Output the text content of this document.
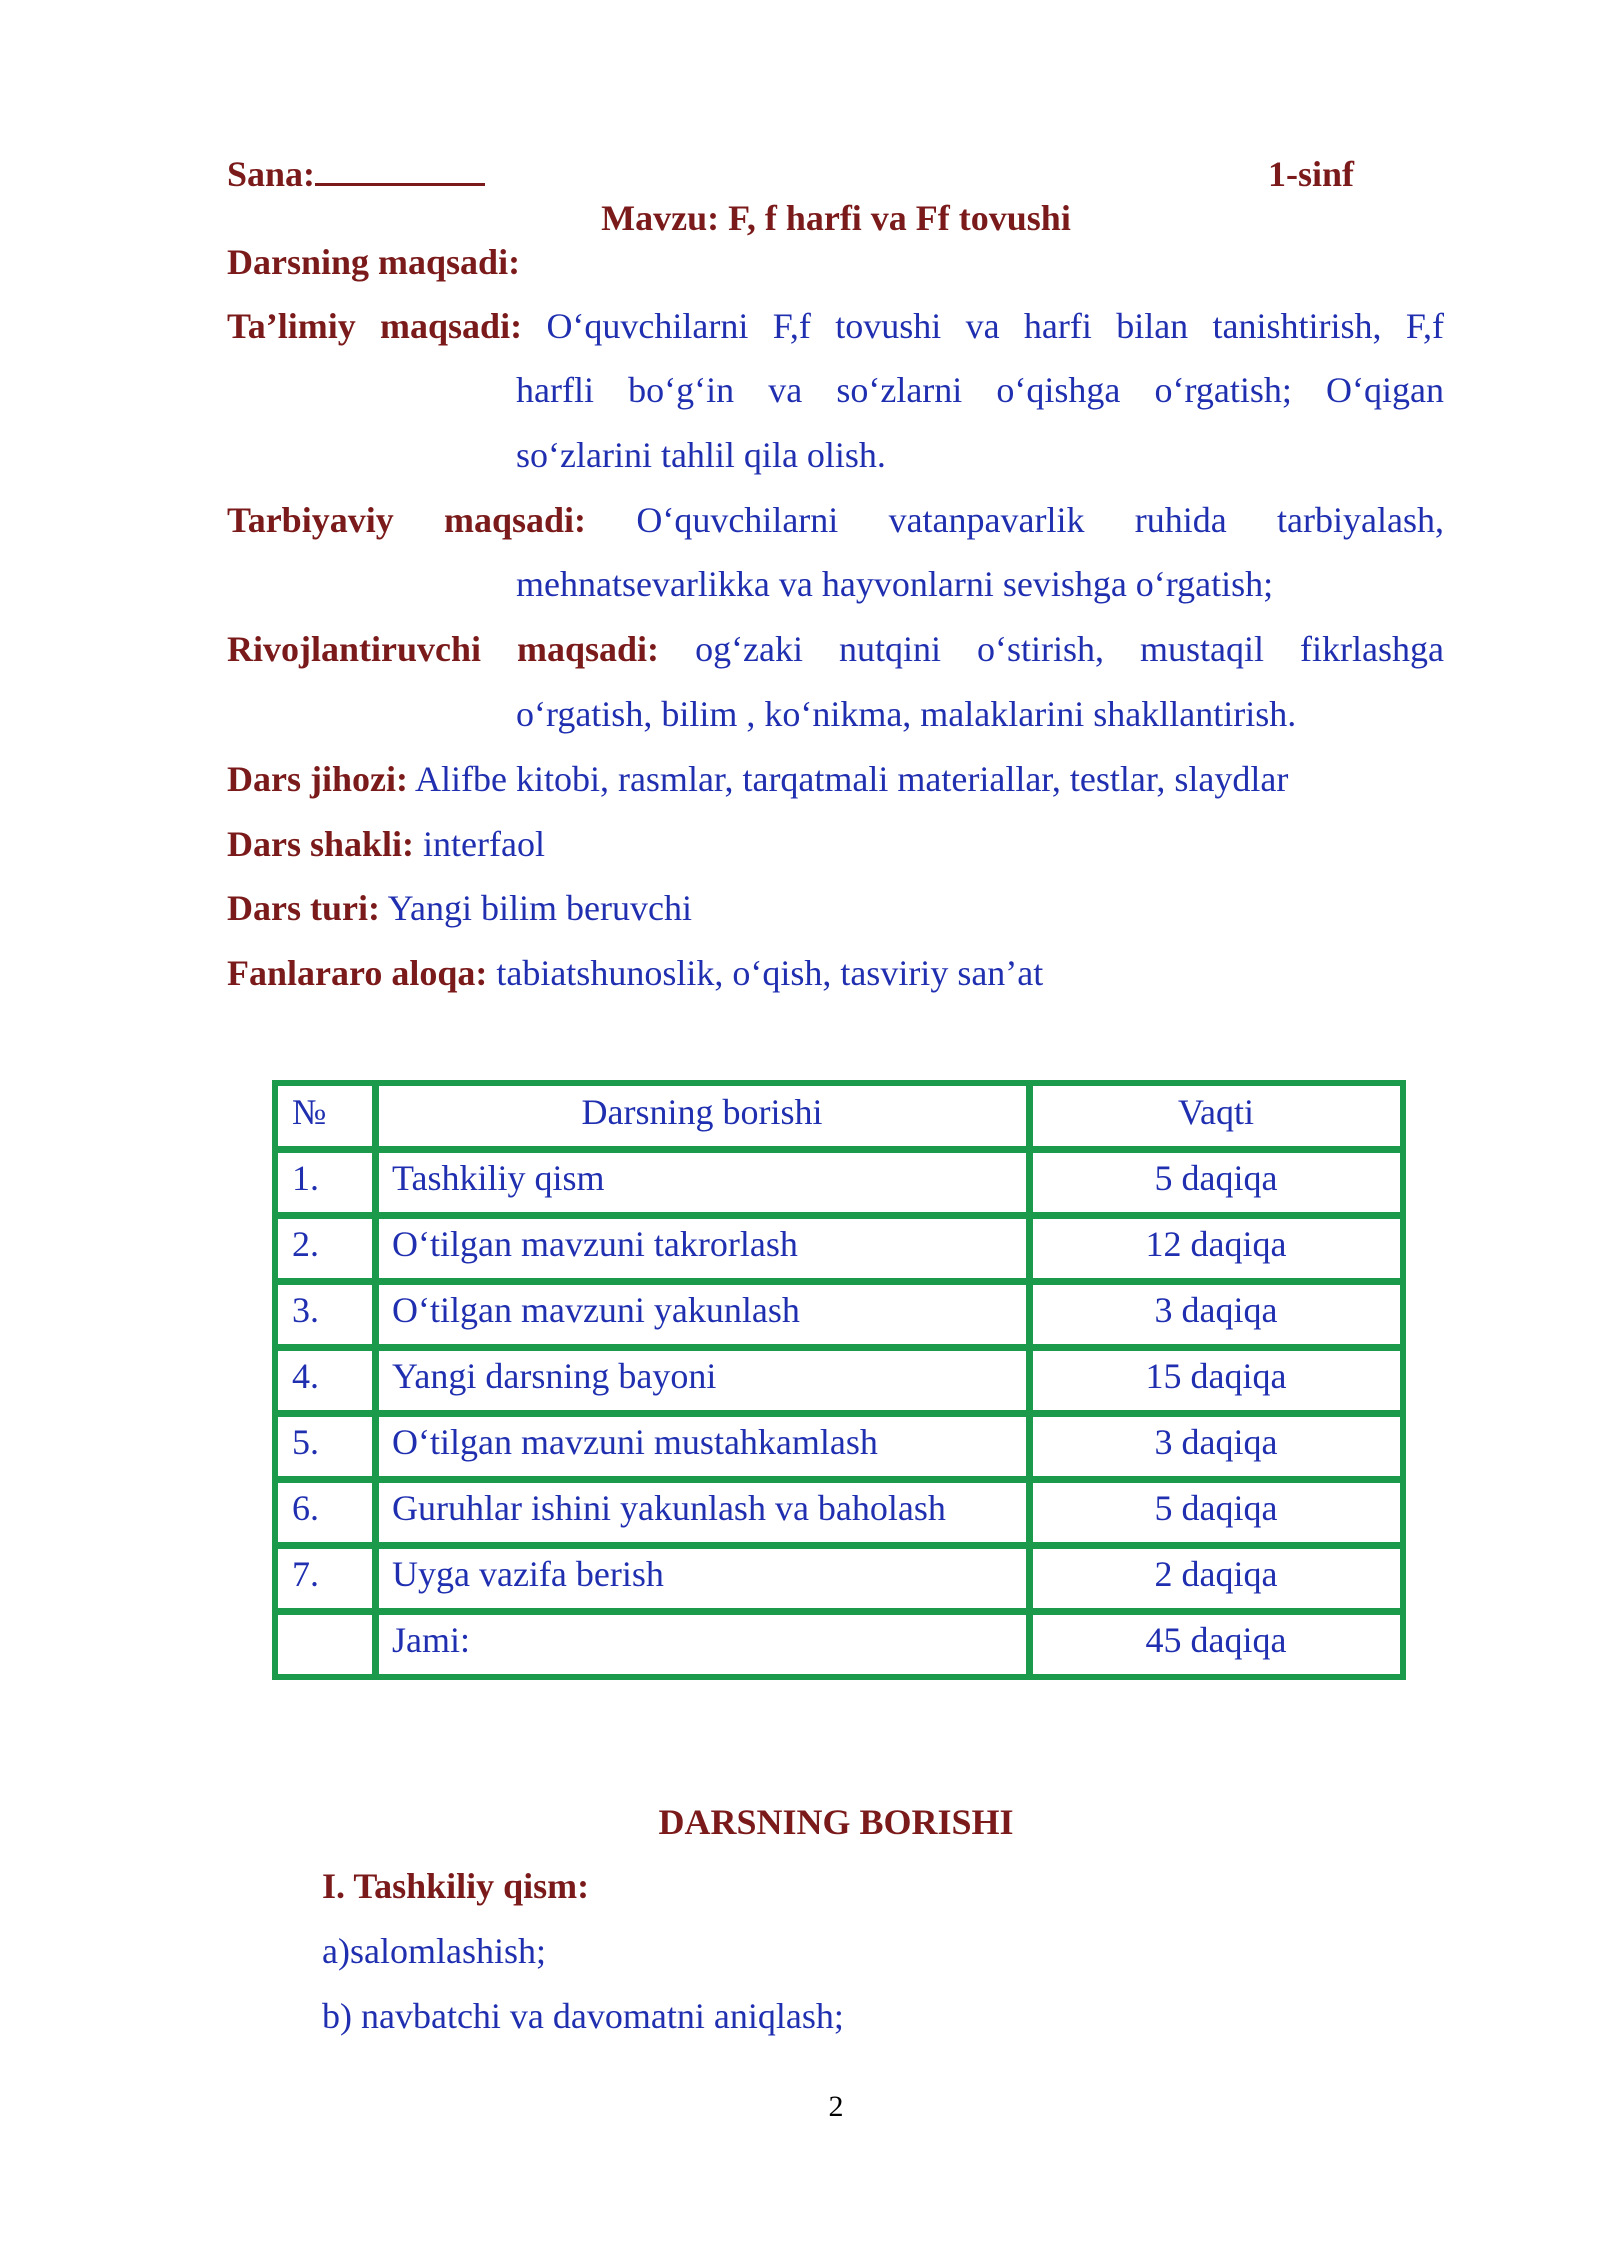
Sana:	1-sinf
Mavzu: F, f harfi va Ff tovushi
Darsning maqsadi:
Ta’limiy maqsadi: O‘quvchilarni F,f tovushi va harfi bilan tanishtirish, F,f
harfli bo‘g‘in va so‘zlarni o‘qishga o‘rgatish; O‘qigan
so‘zlarini tahlil qila olish.
Tarbiyaviy maqsadi: O‘quvchilarni vatanpavarlik ruhida tarbiyalash,
mehnatsevarlikka va hayvonlarni sevishga o‘rgatish;
Rivojlantiruvchi maqsadi: og‘zaki nutqini o‘stirish, mustaqil fikrlashga
o‘rgatish, bilim , ko‘nikma, malaklarini shakllantirish.
Dars jihozi: Alifbe kitobi, rasmlar, tarqatmali materiallar, testlar, slaydlar
Dars shakli: interfaol
Dars turi: Yangi bilim beruvchi
Fanlararo aloqa: tabiatshunoslik, o‘qish, tasviriy san’at
№	Darsning borishi	Vaqti
1.	Tashkiliy qism	5 daqiqa
2.	O‘tilgan mavzuni takrorlash	12 daqiqa
3.	O‘tilgan mavzuni yakunlash	3 daqiqa
4.	Yangi darsning bayoni	15 daqiqa
5.	O‘tilgan mavzuni mustahkamlash	3 daqiqa
6.	Guruhlar ishini yakunlash va baholash	5 daqiqa
7.	Uyga vazifa berish	2 daqiqa
	Jami:	45 daqiqa
DARSNING BORISHI
I. Tashkiliy qism:
a)salomlashish;
b) navbatchi va davomatni aniqlash;
2
